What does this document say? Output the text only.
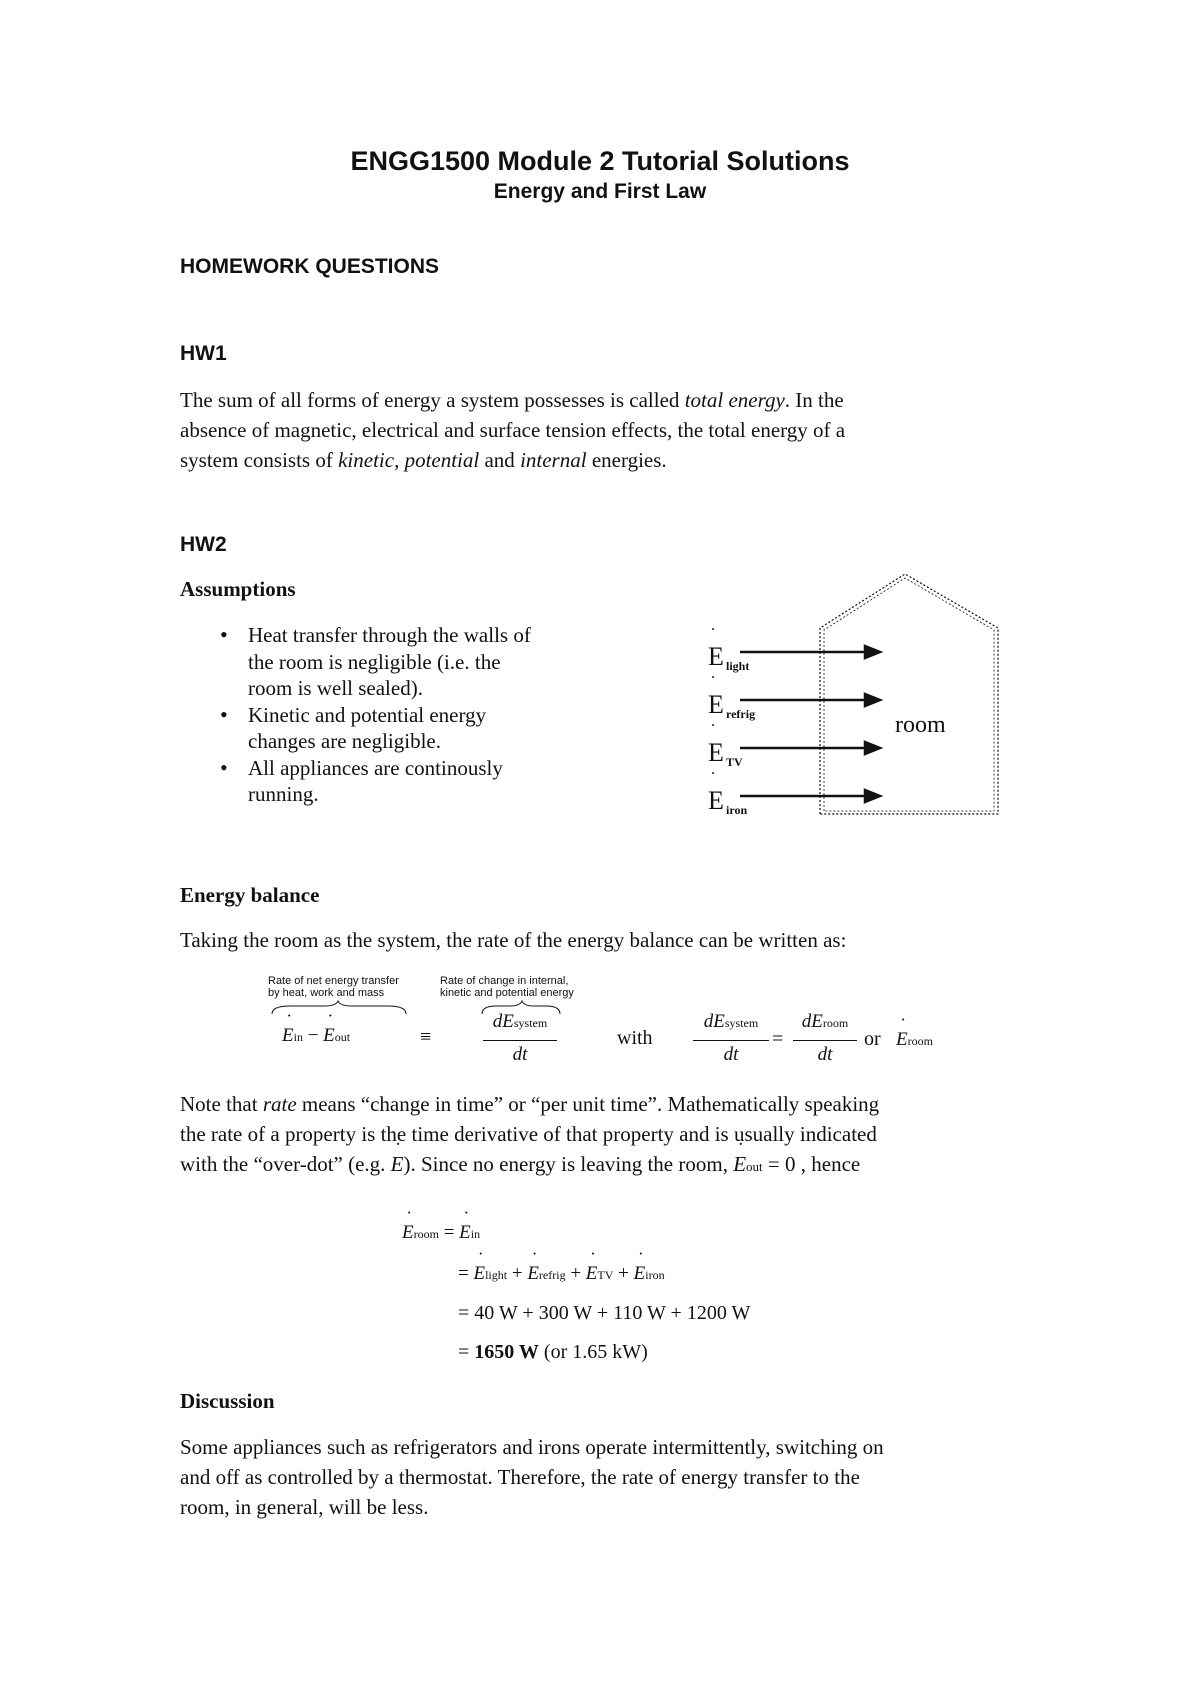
ENGG1500 Module 2 Tutorial Solutions
Energy and First Law
HOMEWORK QUESTIONS
HW1
The sum of all forms of energy a system possesses is called total energy. In the
absence of magnetic, electrical and surface tension effects, the total energy of a
system consists of kinetic, potential and internal energies.
HW2
Assumptions
• Heat transfer through the walls of the room is negligible (i.e. the room is well sealed).
• Kinetic and potential energy changes are negligible.
• All appliances are continously running.
E
˙
light
E
˙
refrig
E
˙
TV
E
˙
iron
room
Energy balance
Taking the room as the system, the rate of the energy balance can be written as:
Rate of net energy transfer
by heat, work and mass
Rate of change in internal,
kinetic and potential energy
˙ Ein − ˙ Eout	≡
dEsystem
dt
with
dEsystem
dt
=
dEroom
dt
or ˙ Eroom
Note that rate means “change in time” or “per unit time”. Mathematically speaking
the rate of a property is the time derivative of that property and is usually indicated
with the “over-dot” (e.g. ˙ E). Since no energy is leaving the room, ˙ Eout = 0 , hence
˙ Eroom = ˙ Ein
= ˙ Elight + ˙ Erefrig + ˙ ETV + ˙ Eiron
= 40 W + 300 W + 110 W + 1200 W
= 1650 W (or 1.65 kW)
Discussion
Some appliances such as refrigerators and irons operate intermittently, switching on
and off as controlled by a thermostat. Therefore, the rate of energy transfer to the
room, in general, will be less.
